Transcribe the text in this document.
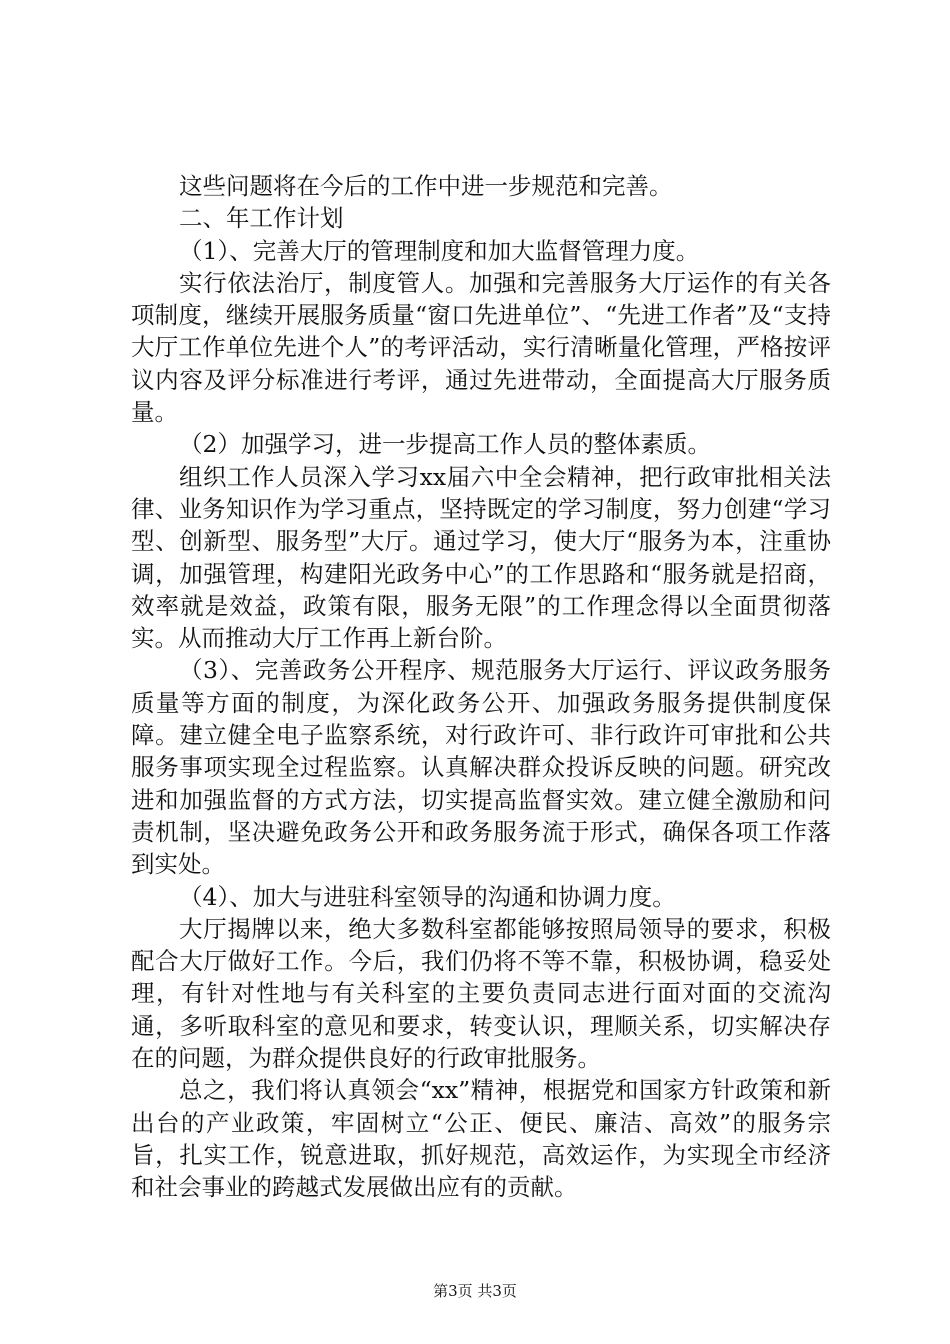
这些问题将在今后的工作中进一步规范和完善。

二、年工作计划

（1）、完善大厅的管理制度和加大监督管理力度。

实行依法治厅，制度管人。加强和完善服务大厅运作的有关各项制度，继续开展服务质量“窗口先进单位”、“先进工作者”及“支持大厅工作单位先进个人”的考评活动，实行清晰量化管理，严格按评议内容及评分标准进行考评，通过先进带动，全面提高大厅服务质量。

（2）加强学习，进一步提高工作人员的整体素质。

组织工作人员深入学习xx届六中全会精神，把行政审批相关法律、业务知识作为学习重点，坚持既定的学习制度，努力创建“学习型、创新型、服务型”大厅。通过学习，使大厅“服务为本，注重协调，加强管理，构建阳光政务中心”的工作思路和“服务就是招商，效率就是效益，政策有限，服务无限”的工作理念得以全面贯彻落实。从而推动大厅工作再上新台阶。

（3）、完善政务公开程序、规范服务大厅运行、评议政务服务质量等方面的制度，为深化政务公开、加强政务服务提供制度保障。建立健全电子监察系统，对行政许可、非行政许可审批和公共服务事项实现全过程监察。认真解决群众投诉反映的问题。研究改进和加强监督的方式方法，切实提高监督实效。建立健全激励和问责机制，坚决避免政务公开和政务服务流于形式，确保各项工作落到实处。

（4）、加大与进驻科室领导的沟通和协调力度。

大厅揭牌以来，绝大多数科室都能够按照局领导的要求，积极配合大厅做好工作。今后，我们仍将不等不靠，积极协调，稳妥处理，有针对性地与有关科室的主要负责同志进行面对面的交流沟通，多听取科室的意见和要求，转变认识，理顺关系，切实解决存在的问题，为群众提供良好的行政审批服务。

总之，我们将认真领会“xx”精神，根据党和国家方针政策和新出台的产业政策，牢固树立“公正、便民、廉洁、高效”的服务宗旨，扎实工作，锐意进取，抓好规范，高效运作，为实现全市经济和社会事业的跨越式发展做出应有的贡献。

第3页 共3页
